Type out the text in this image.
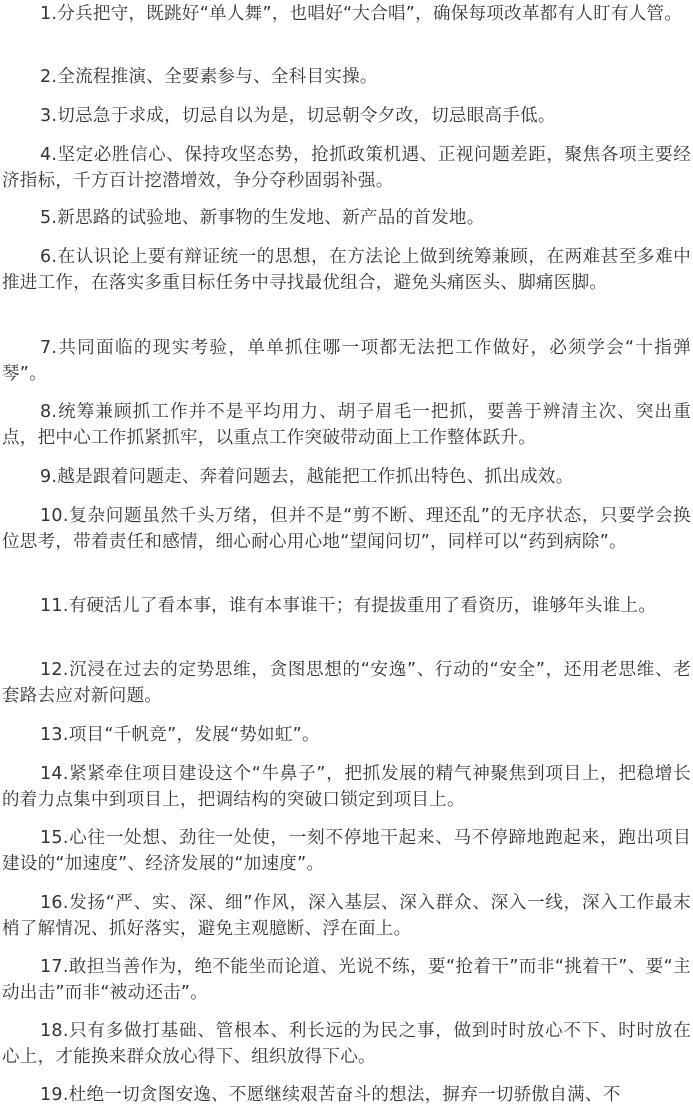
1.分兵把守，既跳好“单人舞”，也唱好“大合唱”，确保每项改革都有人盯有人管。

2.全流程推演、全要素参与、全科目实操。

3.切忌急于求成，切忌自以为是，切忌朝令夕改，切忌眼高手低。

4.坚定必胜信心、保持攻坚态势，抢抓政策机遇、正视问题差距，聚焦各项主要经济指标，千方百计挖潜增效，争分夺秒固弱补强。

5.新思路的试验地、新事物的生发地、新产品的首发地。

6.在认识论上要有辩证统一的思想，在方法论上做到统筹兼顾，在两难甚至多难中推进工作，在落实多重目标任务中寻找最优组合，避免头痛医头、脚痛医脚。

7.共同面临的现实考验，单单抓住哪一项都无法把工作做好，必须学会“十指弹琴”。

8.统筹兼顾抓工作并不是平均用力、胡子眉毛一把抓，要善于辨清主次、突出重点，把中心工作抓紧抓牢，以重点工作突破带动面上工作整体跃升。

9.越是跟着问题走、奔着问题去，越能把工作抓出特色、抓出成效。

10.复杂问题虽然千头万绪，但并不是“剪不断、理还乱”的无序状态，只要学会换位思考，带着责任和感情，细心耐心用心地“望闻问切”，同样可以“药到病除”。

11.有硬活儿了看本事，谁有本事谁干；有提拔重用了看资历，谁够年头谁上。

12.沉浸在过去的定势思维，贪图思想的“安逸”、行动的“安全”，还用老思维、老套路去应对新问题。

13.项目“千帆竞”，发展“势如虹”。

14.紧紧牵住项目建设这个“牛鼻子”，把抓发展的精气神聚焦到项目上，把稳增长的着力点集中到项目上，把调结构的突破口锁定到项目上。

15.心往一处想、劲往一处使，一刻不停地干起来、马不停蹄地跑起来，跑出项目建设的“加速度”、经济发展的“加速度”。

16.发扬“严、实、深、细”作风，深入基层、深入群众、深入一线，深入工作最末梢了解情况、抓好落实，避免主观臆断、浮在面上。

17.敢担当善作为，绝不能坐而论道、光说不练，要“抢着干”而非“挑着干”、要“主动出击”而非“被动还击”。

18.只有多做打基础、管根本、利长远的为民之事，做到时时放心不下、时时放在心上，才能换来群众放心得下、组织放得下心。

19.杜绝一切贪图安逸、不愿继续艰苦奋斗的想法，摒弃一切骄傲自满、不
